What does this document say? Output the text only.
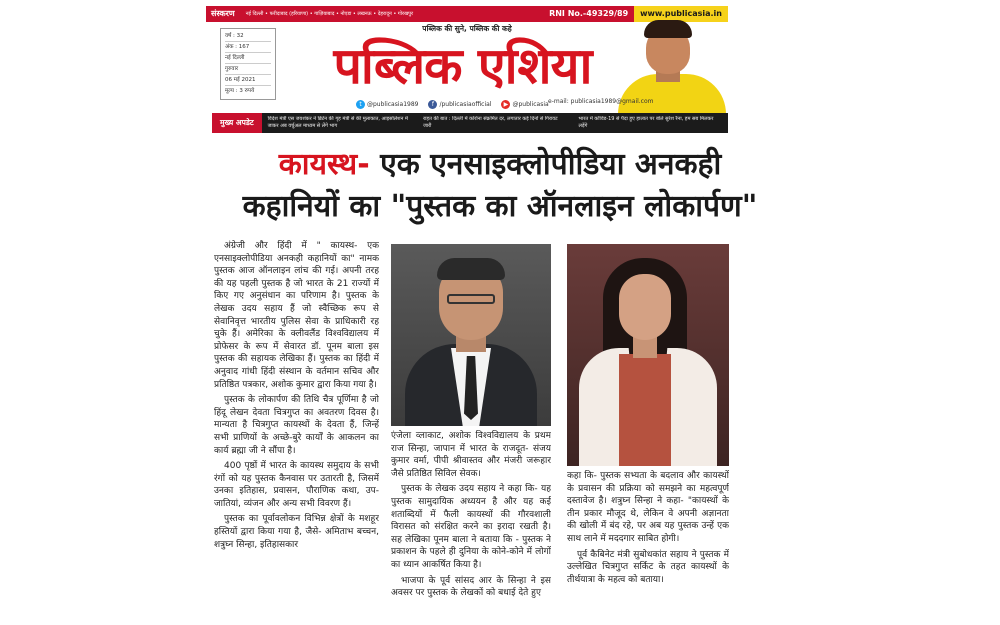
संस्करण	नई दिल्ली • फरीदाबाद (हरियाणा) • गाज़ियाबाद • नोएडा • लखनऊ • देहरादून • गोरखपुर	RNI No.-49329/89	www.publicasia.in
वर्ष : 32
अंक : 167
नई दिल्ली
गुरुवार
06 मई 2021
मूल्य : 3 रुपये
पब्लिक की सुने, पब्लिक की कहे
पब्लिक एशिया
t @publicasia1989	f /publicasiaofficial	▶ @publicasia e-mail: publicasia1989@gmail.com
मुख्य अपडेट	विदेश मंत्री एस जयशंकर ने ब्रिटेन की गृह मंत्री से की मुलाकात, आइसोलेशन में जाकर अब वर्चुअल माध्यम से लेंगे भाग
राहत की बात : दिल्ली में कोरोना संक्रमित दर, लगातार कई दिनों से गिरावट जारी
भारत में कोविड-19 से पैदा हुए हालात पर बोले सुरेश रैना, हम सब मिलकर लड़ेंगे
कायस्थ- एक एनसाइक्लोपीडिया अनकही
कहानियों का "पुस्तक का ऑनलाइन लोकार्पण"

अंग्रेजी और हिंदी में " कायस्थ- एक एनसाइक्लोपीडिया अनकही कहानियों का" नामक पुस्तक आज ऑनलाइन लांच की गई। अपनी तरह की यह पहली पुस्तक है जो भारत के 21 राज्यों में किए गए अनुसंधान का परिणाम है। पुस्तक के लेखक उदय सहाय हैं जो स्वैच्छिक रूप से सेवानिवृत्त भारतीय पुलिस सेवा के प्राधिकारी रह चुके हैं। अमेरिका के क्लीवलैंड विश्वविद्यालय में प्रोफेसर के रूप में सेवारत डॉ. पूनम बाला इस पुस्तक की सहायक लेखिका हैं। पुस्तक का हिंदी में अनुवाद गांधी हिंदी संस्थान के वर्तमान सचिव और प्रतिष्ठित पत्रकार, अशोक कुमार द्वारा किया गया है।

पुस्तक के लोकार्पण की तिथि चैत्र पूर्णिमा है जो हिंदू लेखन देवता चित्रगुप्त का अवतरण दिवस है। मान्यता है चित्रगुप्त कायस्थों के देवता हैं, जिन्हें सभी प्राणियों के अच्छे-बुरे कार्यों के आकलन का कार्य ब्रह्मा जी ने सौंपा है।

400 पृष्ठों में भारत के कायस्थ समुदाय के सभी रंगों को यह पुस्तक कैनवास पर उतारती है, जिसमें उनका इतिहास, प्रवासन, पौराणिक कथा, उप-जातियां, व्यंजन और अन्य सभी विवरण हैं।

पुस्तक का पूर्वावलोकन विभिन्न क्षेत्रों के मशहूर हस्तियों द्वारा किया गया है, जैसे- अमिताभ बच्चन, शत्रुघ्न सिन्हा, इतिहासकार

एंजेला व्लाकाट, अशोक विश्वविद्यालय के प्रथम राज सिन्हा, जापान में भारत के राजदूत- संजय कुमार वर्मा, पीपी श्रीवास्तव और मंजरी जरूहार जैसे प्रतिष्ठित सिविल सेवक।

पुस्तक के लेखक उदय सहाय ने कहा कि- यह पुस्तक सामुदायिक अध्ययन है और यह कई शताब्दियों में फैली कायस्थों की गौरवशाली विरासत को संरक्षित करने का इरादा रखती है। सह लेखिका पूनम बाला ने बताया कि - पुस्तक ने प्रकाशन के पहले ही दुनिया के कोने-कोने में लोगों का ध्यान आकर्षित किया है।

भाजपा के पूर्व सांसद आर के सिन्हा ने इस अवसर पर पुस्तक के लेखकों को बधाई देते हुए

कहा कि- पुस्तक सभ्यता के बदलाव और कायस्थों के प्रवासन की प्रक्रिया को समझने का महत्वपूर्ण दस्तावेज है। शत्रुघ्न सिन्हा ने कहा- "कायस्थों के तीन प्रकार मौजूद थे, लेकिन वे अपनी अज्ञानता की खोली में बंद रहे, पर अब यह पुस्तक उन्हें एक साथ लाने में मददगार साबित होगी।

पूर्व कैबिनेट मंत्री सुबोधकांत सहाय ने पुस्तक में उल्लेखित चित्रगुप्त सर्किट के तहत कायस्थों के तीर्थयात्रा के महत्व को बताया।
